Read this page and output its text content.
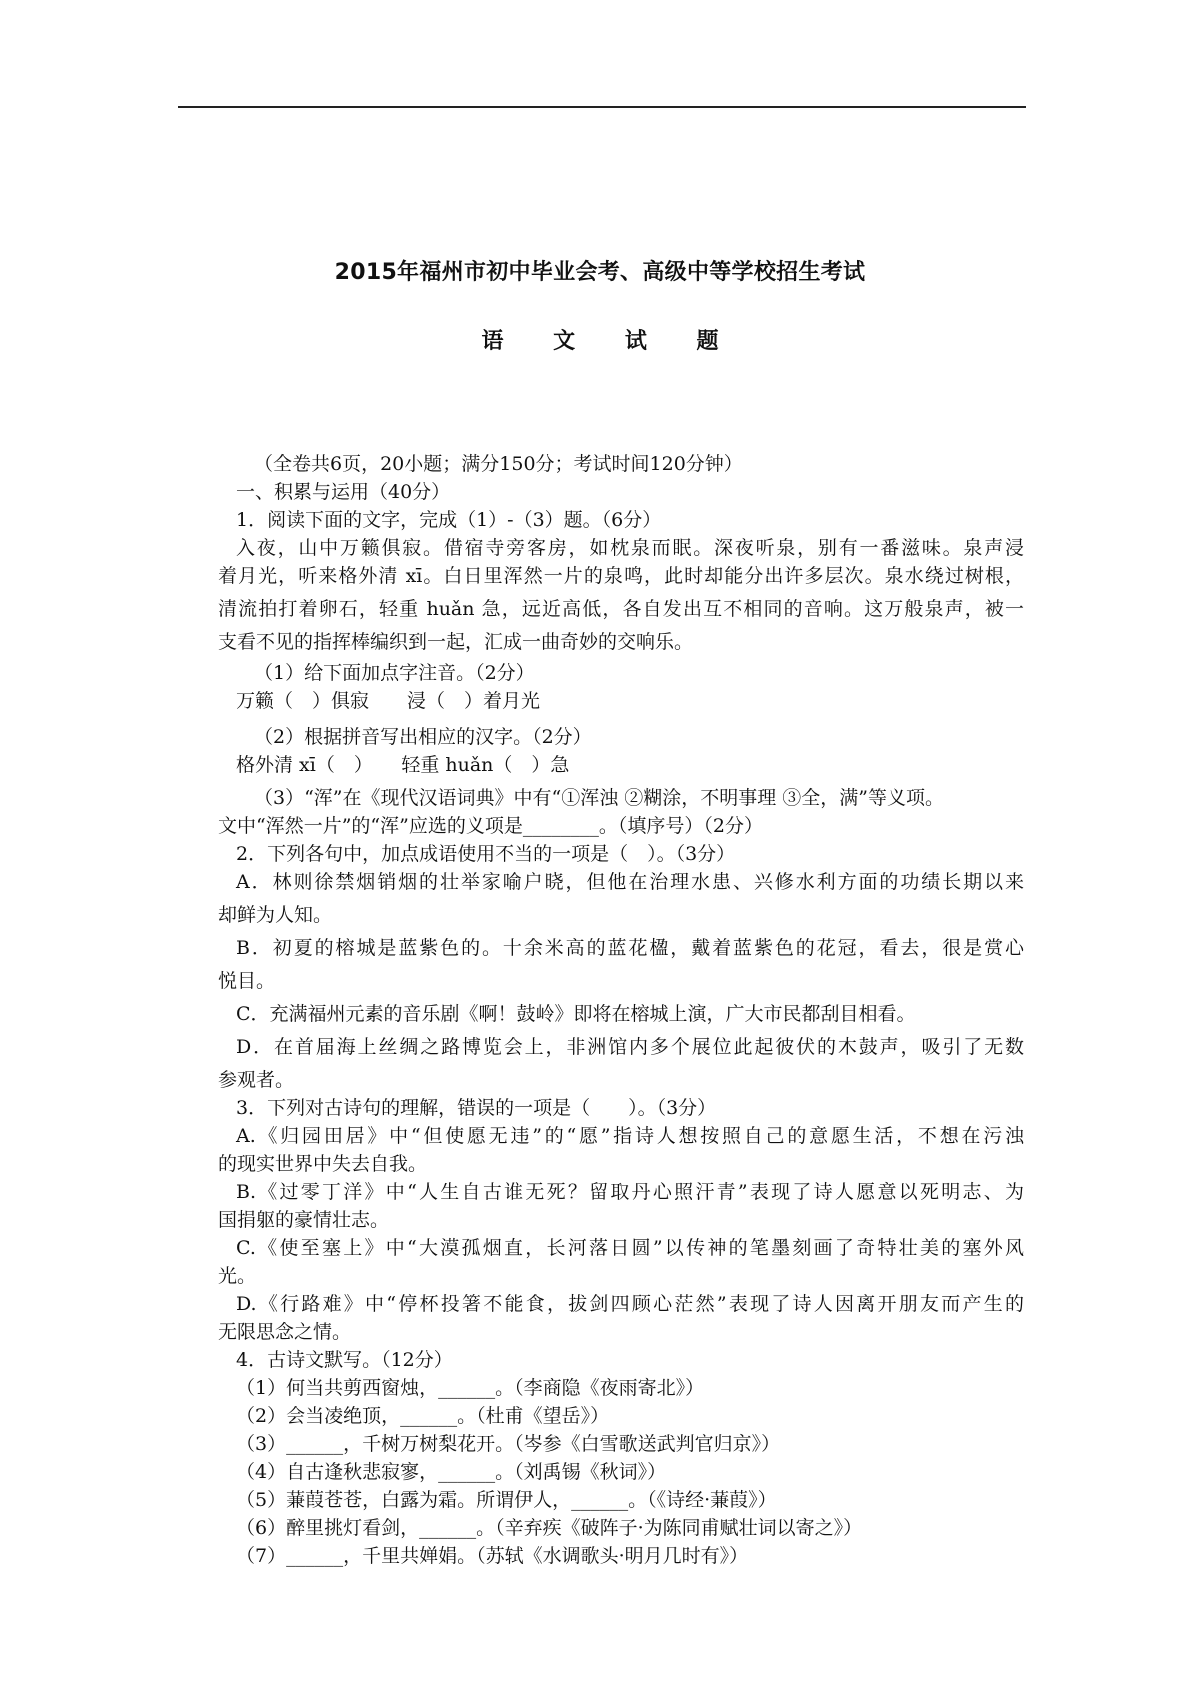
2015年福州市初中毕业会考、高级中等学校招生考试
语 文 试 题
（全卷共6页，20小题；满分150分；考试时间120分钟）
一、积累与运用（40分）
1．阅读下面的文字，完成（1）-（3）题。（6分）
入夜，山中万籁俱寂。借宿寺旁客房，如枕泉而眠。深夜听泉，别有一番滋味。泉声浸
着月光，听来格外清 xī。白日里浑然一片的泉鸣，此时却能分出许多层次。泉水绕过树根，
清流拍打着卵石，轻重 huǎn 急，远近高低，各自发出互不相同的音响。这万般泉声，被一
支看不见的指挥棒编织到一起，汇成一曲奇妙的交响乐。
（1）给下面加点字注音。（2分）
万籁（　）俱寂　　浸（　）着月光
（2）根据拼音写出相应的汉字。（2分）
格外清 xī（　）　　轻重 huǎn（　）急
（3）“浑”在《现代汉语词典》中有“①浑浊 ②糊涂，不明事理 ③全，满”等义项。
文中“浑然一片”的“浑”应选的义项是________。（填序号）（2分）
2．下列各句中，加点成语使用不当的一项是（　）。（3分）
A．林则徐禁烟销烟的壮举家喻户晓，但他在治理水患、兴修水利方面的功绩长期以来
却鲜为人知。
B．初夏的榕城是蓝紫色的。十余米高的蓝花楹，戴着蓝紫色的花冠，看去，很是赏心
悦目。
C．充满福州元素的音乐剧《啊！鼓岭》即将在榕城上演，广大市民都刮目相看。
D．在首届海上丝绸之路博览会上，非洲馆内多个展位此起彼伏的木鼓声，吸引了无数
参观者。
3．下列对古诗句的理解，错误的一项是（　　）。（3分）
A.《归园田居》中“但使愿无违”的“愿”指诗人想按照自己的意愿生活，不想在污浊
的现实世界中失去自我。
B.《过零丁洋》中“人生自古谁无死？留取丹心照汗青”表现了诗人愿意以死明志、为
国捐躯的豪情壮志。
C.《使至塞上》中“大漠孤烟直，长河落日圆”以传神的笔墨刻画了奇特壮美的塞外风
光。
D.《行路难》中“停杯投箸不能食，拔剑四顾心茫然”表现了诗人因离开朋友而产生的
无限思念之情。
4．古诗文默写。（12分）
（1）何当共剪西窗烛，______。（李商隐《夜雨寄北》）
（2）会当凌绝顶，______。（杜甫《望岳》）
（3）______，千树万树梨花开。（岑参《白雪歌送武判官归京》）
（4）自古逢秋悲寂寥，______。（刘禹锡《秋词》）
（5）蒹葭苍苍，白露为霜。所谓伊人，______。（《诗经·蒹葭》）
（6）醉里挑灯看剑，______。（辛弃疾《破阵子·为陈同甫赋壮词以寄之》）
（7）______，千里共婵娟。（苏轼《水调歌头·明月几时有》）
